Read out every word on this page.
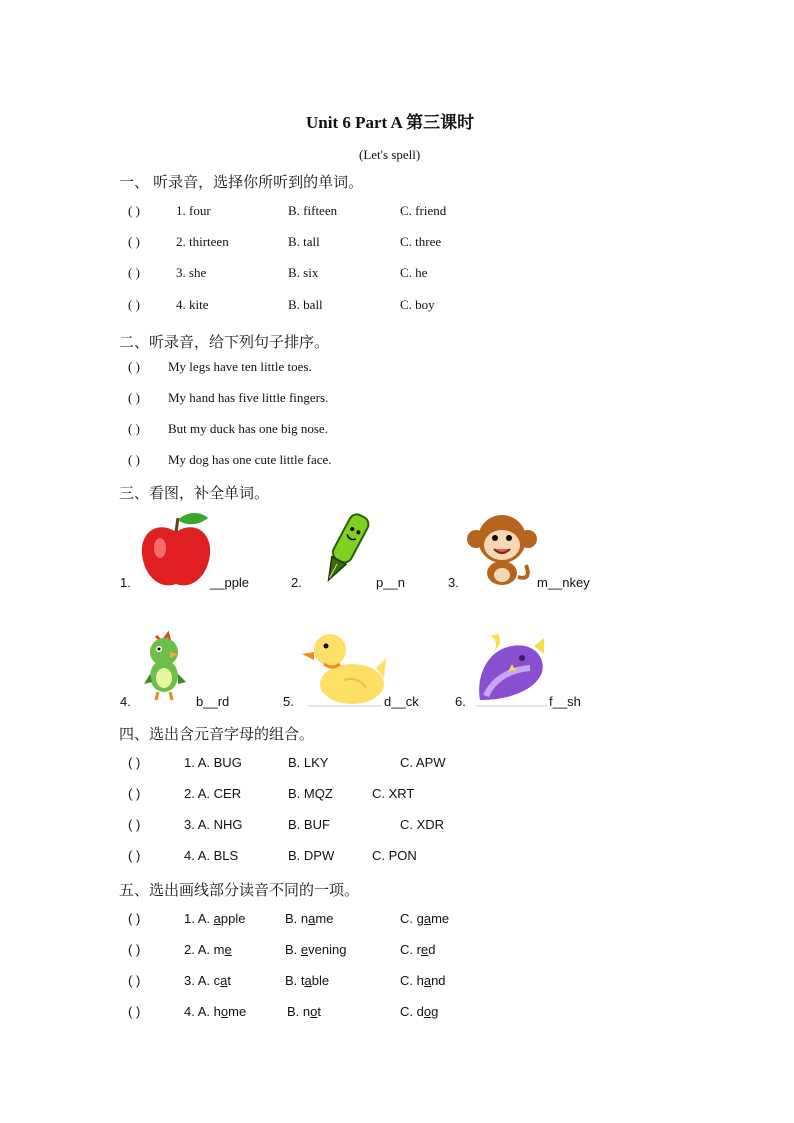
Unit 6 Part A 第三课时
(Let's spell)
一、 听录音，选择你所听到的单词。
( )	1. four	B. fifteen	C. friend
( )	2. thirteen	B. tall	C. three
( )	3. she	B. six	C. he
( )	4. kite	B. ball	C. boy
二、听录音，给下列句子排序。
( ) My legs have ten little toes.
( ) My hand has five little fingers.
( ) But my duck has one big nose.
( ) My dog has one cute little face.
三、看图，补全单词。
1.	__pple	2.	p__n	3.	m__nkey
4.	b__rd	5.	d__ck	6.	f__sh
四、选出含元音字母的组合。
( )	1. A. BUG	B. LKY	C. APW
( )	2. A. CER	B. MQZ	C. XRT
( )	3. A. NHG	B. BUF	C. XDR
( )	4. A. BLS	B. DPW	C. PON
五、选出画线部分读音不同的一项。
( )	1. A. apple	B. name	C. game
( )	2. A. me	B. evening	C. red
( )	3. A. cat	B. table	C. hand
( )	4. A. home	B. not	C. dog
